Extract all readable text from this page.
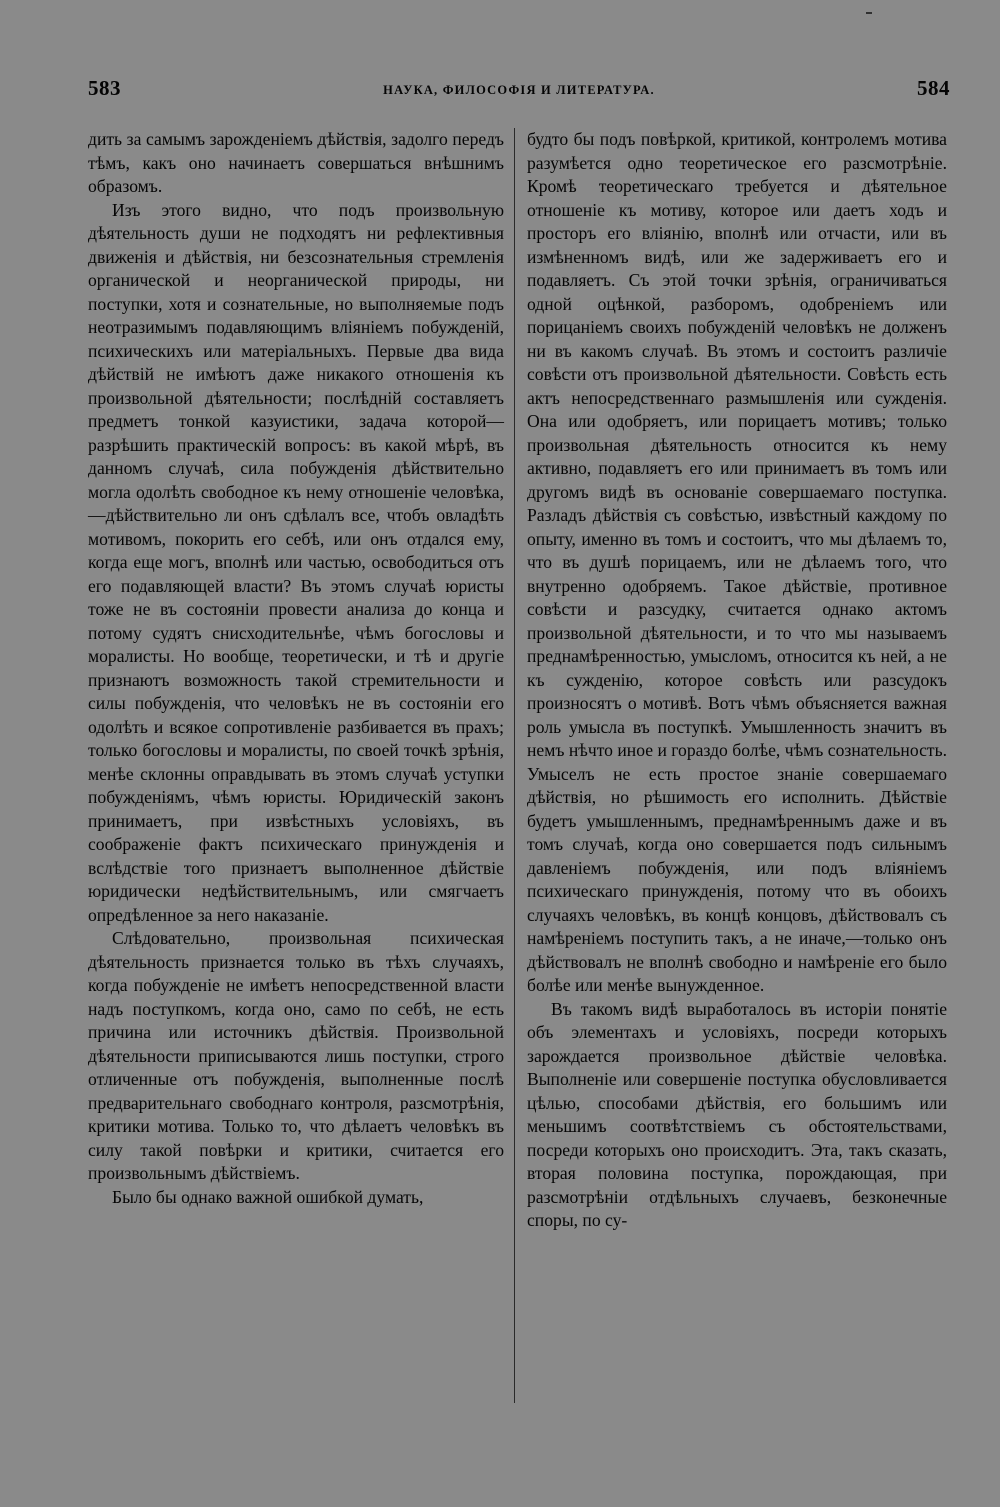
583	НАУКА, ФИЛОСОФІЯ И ЛИТЕРАТУРА.	584

дить за самымъ зарожденіемъ дѣйствія, задолго передъ тѣмъ, какъ оно начинаетъ совершаться внѣшнимъ образомъ.

Изъ этого видно, что подъ произвольную дѣятельность души не подходятъ ни рефлективныя движенія и дѣйствія, ни безсознательныя стремленія органической и неорганической природы, ни поступки, хотя и сознательные, но выполняемые подъ неотразимымъ подавляющимъ вліяніемъ побужденій, психическихъ или матеріальныхъ. Первые два вида дѣйствій не имѣютъ даже никакого отношенія къ произвольной дѣятельности; послѣдній составляетъ предметъ тонкой казуистики, задача которой—разрѣшить практическій вопросъ: въ какой мѣрѣ, въ данномъ случаѣ, сила побужденія дѣйствительно могла одолѣть свободное къ нему отношеніе человѣка,—дѣйствительно ли онъ сдѣлалъ все, чтобъ овладѣть мотивомъ, покорить его себѣ, или онъ отдался ему, когда еще могъ, вполнѣ или частью, освободиться отъ его подавляющей власти? Въ этомъ случаѣ юристы тоже не въ состояніи провести анализа до конца и потому судятъ снисходительнѣе, чѣмъ богословы и моралисты. Но вообще, теоретически, и тѣ и другіе признаютъ возможность такой стремительности и силы побужденія, что человѣкъ не въ состояніи его одолѣть и всякое сопротивленіе разбивается въ прахъ; только богословы и моралисты, по своей точкѣ зрѣнія, менѣе склонны оправдывать въ этомъ случаѣ уступки побужденіямъ, чѣмъ юристы. Юридическій законъ принимаетъ, при извѣстныхъ условіяхъ, въ соображеніе фактъ психическаго принужденія и вслѣдствіе того признаетъ выполненное дѣйствіе юридически недѣйствительнымъ, или смягчаетъ опредѣленное за него наказаніе.

Слѣдовательно, произвольная психическая дѣятельность признается только въ тѣхъ случаяхъ, когда побужденіе не имѣетъ непосредственной власти надъ поступкомъ, когда оно, само по себѣ, не есть причина или источникъ дѣйствія. Произвольной дѣятельности приписываются лишь поступки, строго отличенные отъ побужденія, выполненные послѣ предварительнаго свободнаго контроля, разсмотрѣнія, критики мотива. Только то, что дѣлаетъ человѣкъ въ силу такой повѣрки и критики, считается его произвольнымъ дѣйствіемъ.

Было бы однако важной ошибкой думать,

будто бы подъ повѣркой, критикой, контролемъ мотива разумѣется одно теоретическое его разсмотрѣніе. Кромѣ теоретическаго требуется и дѣятельное отношеніе къ мотиву, которое или даетъ ходъ и просторъ его вліянію, вполнѣ или отчасти, или въ измѣненномъ видѣ, или же задерживаетъ его и подавляетъ. Съ этой точки зрѣнія, ограничиваться одной оцѣнкой, разборомъ, одобреніемъ или порицаніемъ своихъ побужденій человѣкъ не долженъ ни въ какомъ случаѣ. Въ этомъ и состоитъ различіе совѣсти отъ произвольной дѣятельности. Совѣсть есть актъ непосредственнаго размышленія или сужденія. Она или одобряетъ, или порицаетъ мотивъ; только произвольная дѣятельность относится къ нему активно, подавляетъ его или принимаетъ въ томъ или другомъ видѣ въ основаніе совершаемаго поступка. Разладъ дѣйствія съ совѣстью, извѣстный каждому по опыту, именно въ томъ и состоитъ, что мы дѣлаемъ то, что въ душѣ порицаемъ, или не дѣлаемъ того, что внутренно одобряемъ. Такое дѣйствіе, противное совѣсти и разсудку, считается однако актомъ произвольной дѣятельности, и то что мы называемъ преднамѣренностью, умысломъ, относится къ ней, а не къ сужденію, которое совѣсть или разсудокъ произносятъ о мотивѣ. Вотъ чѣмъ объясняется важная роль умысла въ поступкѣ. Умышленность значитъ въ немъ нѣчто иное и гораздо болѣе, чѣмъ сознательность. Умыселъ не есть простое знаніе совершаемаго дѣйствія, но рѣшимость его исполнить. Дѣйствіе будетъ умышленнымъ, преднамѣреннымъ даже и въ томъ случаѣ, когда оно совершается подъ сильнымъ давленіемъ побужденія, или подъ вліяніемъ психическаго принужденія, потому что въ обоихъ случаяхъ человѣкъ, въ концѣ концовъ, дѣйствовалъ съ намѣреніемъ поступить такъ, а не иначе,—только онъ дѣйствовалъ не вполнѣ свободно и намѣреніе его было болѣе или менѣе вынужденное.

Въ такомъ видѣ выработалось въ исторіи понятіе объ элементахъ и условіяхъ, посреди которыхъ зарождается произвольное дѣйствіе человѣка. Выполненіе или совершеніе поступка обусловливается цѣлью, способами дѣйствія, его большимъ или меньшимъ соотвѣтствіемъ съ обстоятельствами, посреди которыхъ оно происходитъ. Эта, такъ сказать, вторая половина поступка, порождающая, при разсмотрѣніи отдѣльныхъ случаевъ, безконечные споры, по су-
